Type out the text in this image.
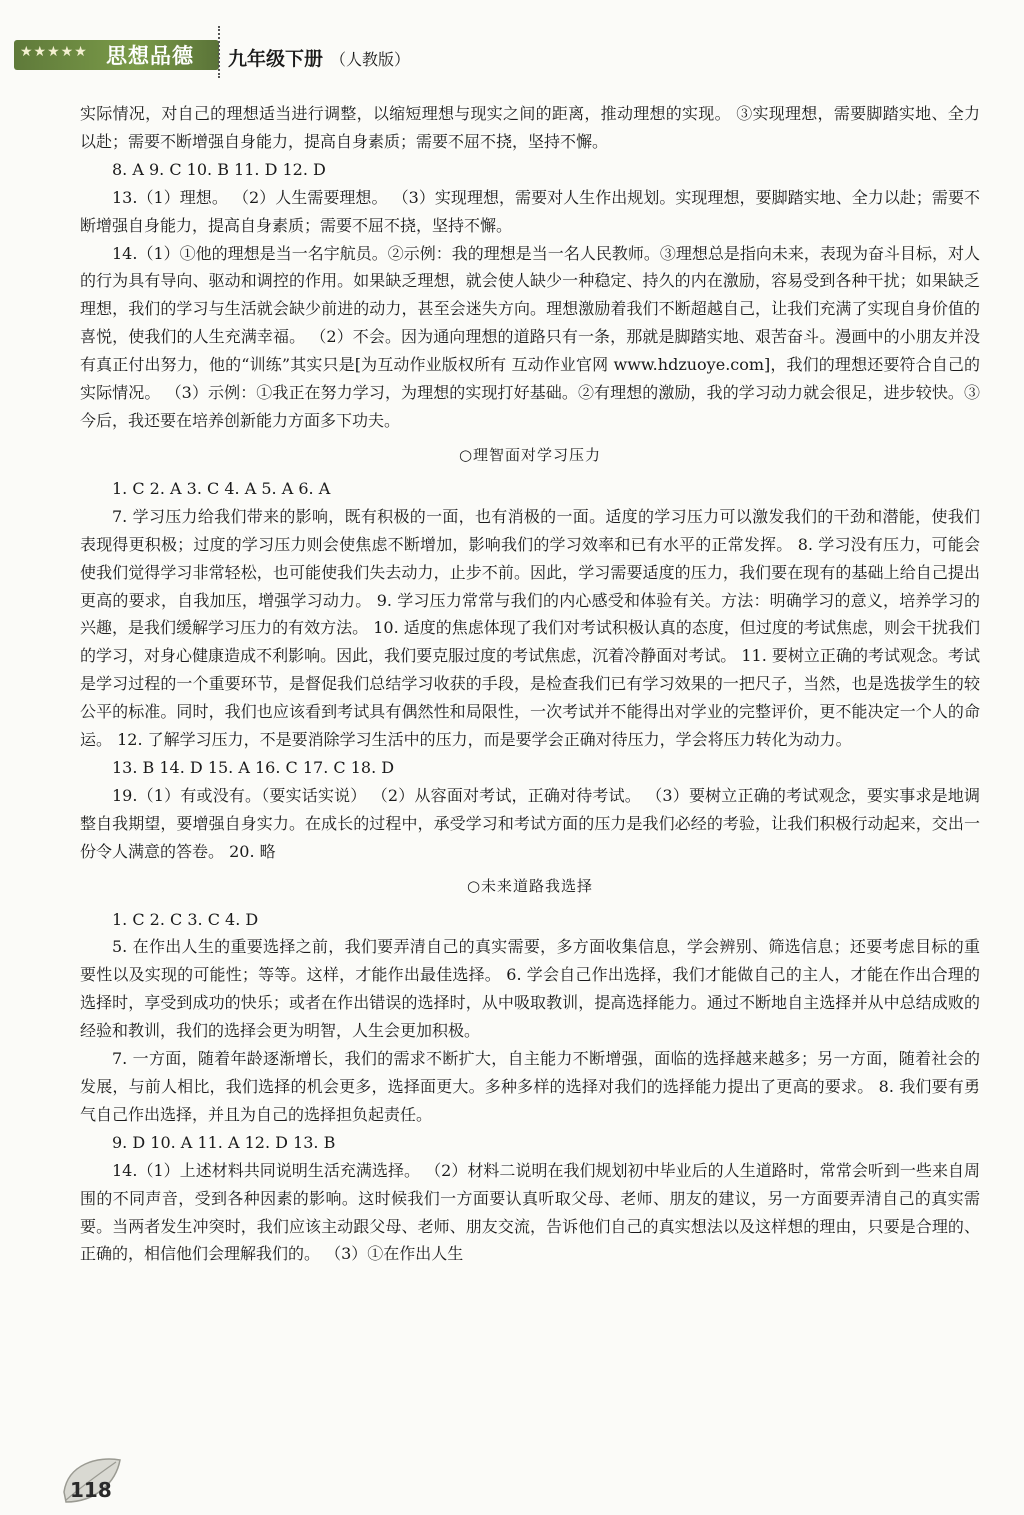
★★★★★ 思想品德 九年级下册 （人教版）

实际情况，对自己的理想适当进行调整，以缩短理想与现实之间的距离，推动理想的实现。 ③实现理想，需要脚踏实地、全力以赴；需要不断增强自身能力，提高自身素质；需要不屈不挠，坚持不懈。

8. A 9. C 10. B 11. D 12. D

13.（1）理想。 （2）人生需要理想。 （3）实现理想，需要对人生作出规划。实现理想，要脚踏实地、全力以赴；需要不断增强自身能力，提高自身素质；需要不屈不挠，坚持不懈。

14.（1）①他的理想是当一名宇航员。②示例：我的理想是当一名人民教师。③理想总是指向未来，表现为奋斗目标，对人的行为具有导向、驱动和调控的作用。如果缺乏理想，就会使人缺少一种稳定、持久的内在激励，容易受到各种干扰；如果缺乏理想，我们的学习与生活就会缺少前进的动力，甚至会迷失方向。理想激励着我们不断超越自己，让我们充满了实现自身价值的喜悦，使我们的人生充满幸福。 （2）不会。因为通向理想的道路只有一条，那就是脚踏实地、艰苦奋斗。漫画中的小朋友并没有真正付出努力，他的“训练”其实只是[为互动作业版权所有 互动作业官网 www.hdzuoye.com]，我们的理想还要符合自己的实际情况。 （3）示例：①我正在努力学习，为理想的实现打好基础。②有理想的激励，我的学习动力就会很足，进步较快。③今后，我还要在培养创新能力方面多下功夫。

○理智面对学习压力

1. C 2. A 3. C 4. A 5. A 6. A

7. 学习压力给我们带来的影响，既有积极的一面，也有消极的一面。适度的学习压力可以激发我们的干劲和潜能，使我们表现得更积极；过度的学习压力则会使焦虑不断增加，影响我们的学习效率和已有水平的正常发挥。 8. 学习没有压力，可能会使我们觉得学习非常轻松，也可能使我们失去动力，止步不前。因此，学习需要适度的压力，我们要在现有的基础上给自己提出更高的要求，自我加压，增强学习动力。 9. 学习压力常常与我们的内心感受和体验有关。方法：明确学习的意义，培养学习的兴趣，是我们缓解学习压力的有效方法。 10. 适度的焦虑体现了我们对考试积极认真的态度，但过度的考试焦虑，则会干扰我们的学习，对身心健康造成不利影响。因此，我们要克服过度的考试焦虑，沉着冷静面对考试。 11. 要树立正确的考试观念。考试是学习过程的一个重要环节，是督促我们总结学习收获的手段，是检查我们已有学习效果的一把尺子，当然，也是选拔学生的较公平的标准。同时，我们也应该看到考试具有偶然性和局限性，一次考试并不能得出对学业的完整评价，更不能决定一个人的命运。 12. 了解学习压力，不是要消除学习生活中的压力，而是要学会正确对待压力，学会将压力转化为动力。

13. B 14. D 15. A 16. C 17. C 18. D

19.（1）有或没有。（要实话实说） （2）从容面对考试，正确对待考试。 （3）要树立正确的考试观念，要实事求是地调整自我期望，要增强自身实力。在成长的过程中，承受学习和考试方面的压力是我们必经的考验，让我们积极行动起来，交出一份令人满意的答卷。 20. 略

○未来道路我选择

1. C 2. C 3. C 4. D

5. 在作出人生的重要选择之前，我们要弄清自己的真实需要，多方面收集信息，学会辨别、筛选信息；还要考虑目标的重要性以及实现的可能性；等等。这样，才能作出最佳选择。 6. 学会自己作出选择，我们才能做自己的主人，才能在作出合理的选择时，享受到成功的快乐；或者在作出错误的选择时，从中吸取教训，提高选择能力。通过不断地自主选择并从中总结成败的经验和教训，我们的选择会更为明智，人生会更加积极。

7. 一方面，随着年龄逐渐增长，我们的需求不断扩大，自主能力不断增强，面临的选择越来越多；另一方面，随着社会的发展，与前人相比，我们选择的机会更多，选择面更大。多种多样的选择对我们的选择能力提出了更高的要求。 8. 我们要有勇气自己作出选择，并且为自己的选择担负起责任。

9. D 10. A 11. A 12. D 13. B

14.（1）上述材料共同说明生活充满选择。 （2）材料二说明在我们规划初中毕业后的人生道路时，常常会听到一些来自周围的不同声音，受到各种因素的影响。这时候我们一方面要认真听取父母、老师、朋友的建议，另一方面要弄清自己的真实需要。当两者发生冲突时，我们应该主动跟父母、老师、朋友交流，告诉他们自己的真实想法以及这样想的理由，只要是合理的、正确的，相信他们会理解我们的。 （3）①在作出人生

118
